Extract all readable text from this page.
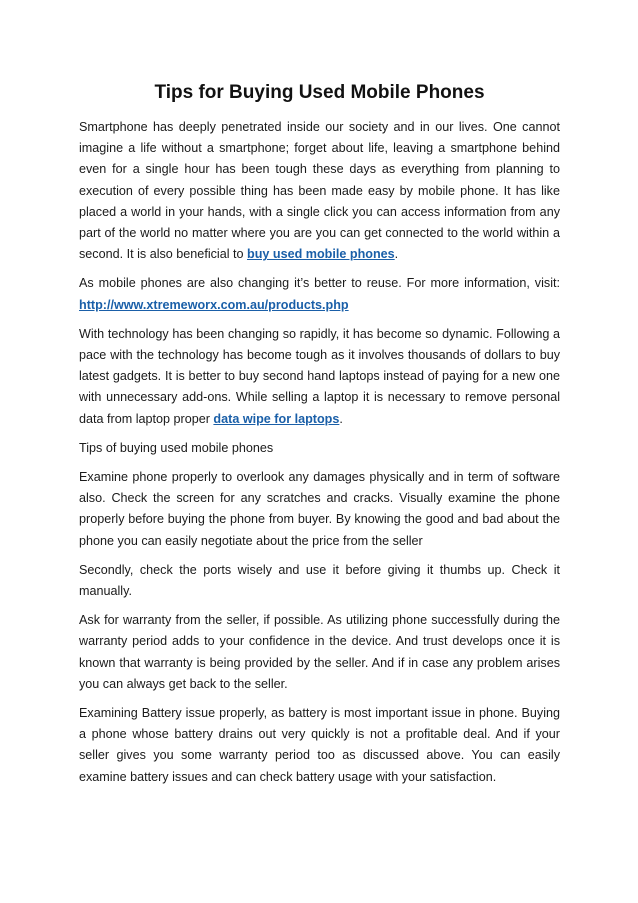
Tips for Buying Used Mobile Phones

Smartphone has deeply penetrated inside our society and in our lives. One cannot imagine a life without a smartphone; forget about life, leaving a smartphone behind even for a single hour has been tough these days as everything from planning to execution of every possible thing has been made easy by mobile phone. It has like placed a world in your hands, with a single click you can access information from any part of the world no matter where you are you can get connected to the world within a second. It is also beneficial to buy used mobile phones.

As mobile phones are also changing it’s better to reuse. For more information, visit: http://www.xtremeworx.com.au/products.php

With technology has been changing so rapidly, it has become so dynamic. Following a pace with the technology has become tough as it involves thousands of dollars to buy latest gadgets. It is better to buy second hand laptops instead of paying for a new one with unnecessary add-ons. While selling a laptop it is necessary to remove personal data from laptop proper data wipe for laptops.

Tips of buying used mobile phones

Examine phone properly to overlook any damages physically and in term of software also. Check the screen for any scratches and cracks. Visually examine the phone properly before buying the phone from buyer. By knowing the good and bad about the phone you can easily negotiate about the price from the seller

Secondly, check the ports wisely and use it before giving it thumbs up. Check it manually.

Ask for warranty from the seller, if possible. As utilizing phone successfully during the warranty period adds to your confidence in the device. And trust develops once it is known that warranty is being provided by the seller. And if in case any problem arises you can always get back to the seller.

Examining Battery issue properly, as battery is most important issue in phone. Buying a phone whose battery drains out very quickly is not a profitable deal. And if your seller gives you some warranty period too as discussed above. You can easily examine battery issues and can check battery usage with your satisfaction.
